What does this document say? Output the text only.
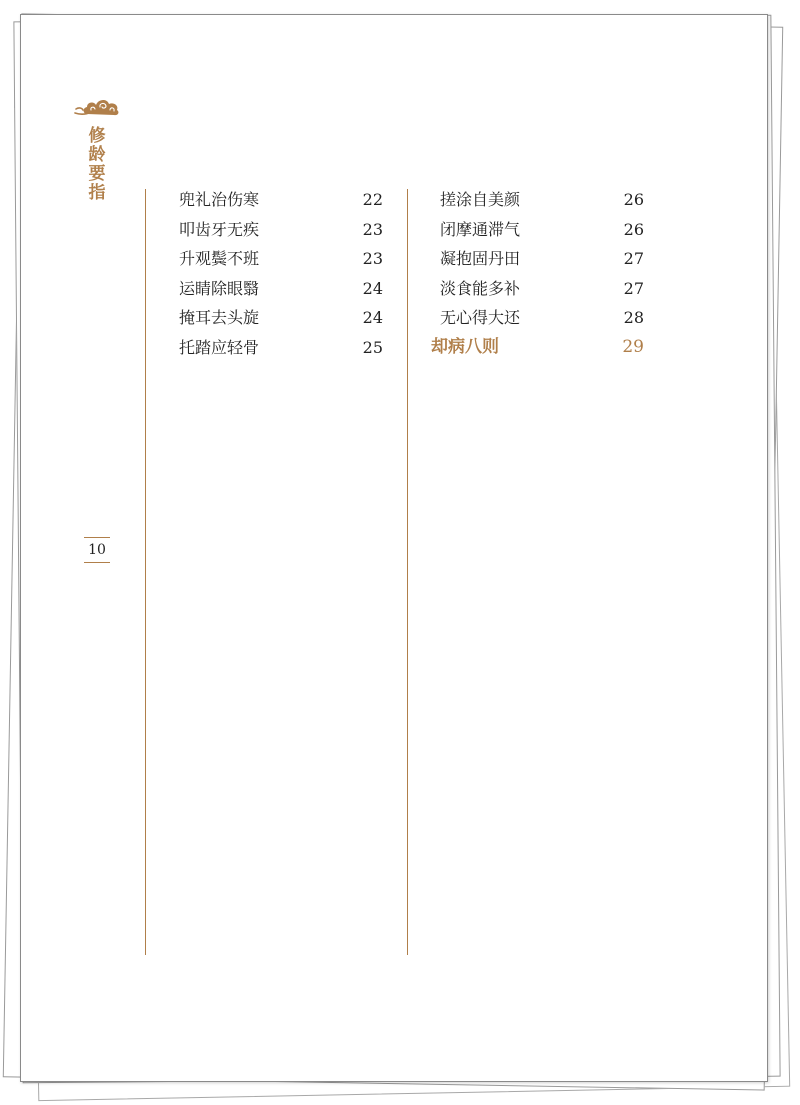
修龄要指
10
兜礼治伤寒	22
叩齿牙无疾	23
升观鬓不班	23
运睛除眼翳	24
掩耳去头旋	24
托踏应轻骨	25
搓涂自美颜	26
闭摩通滞气	26
凝抱固丹田	27
淡食能多补	27
无心得大还	28
却病八则	29
